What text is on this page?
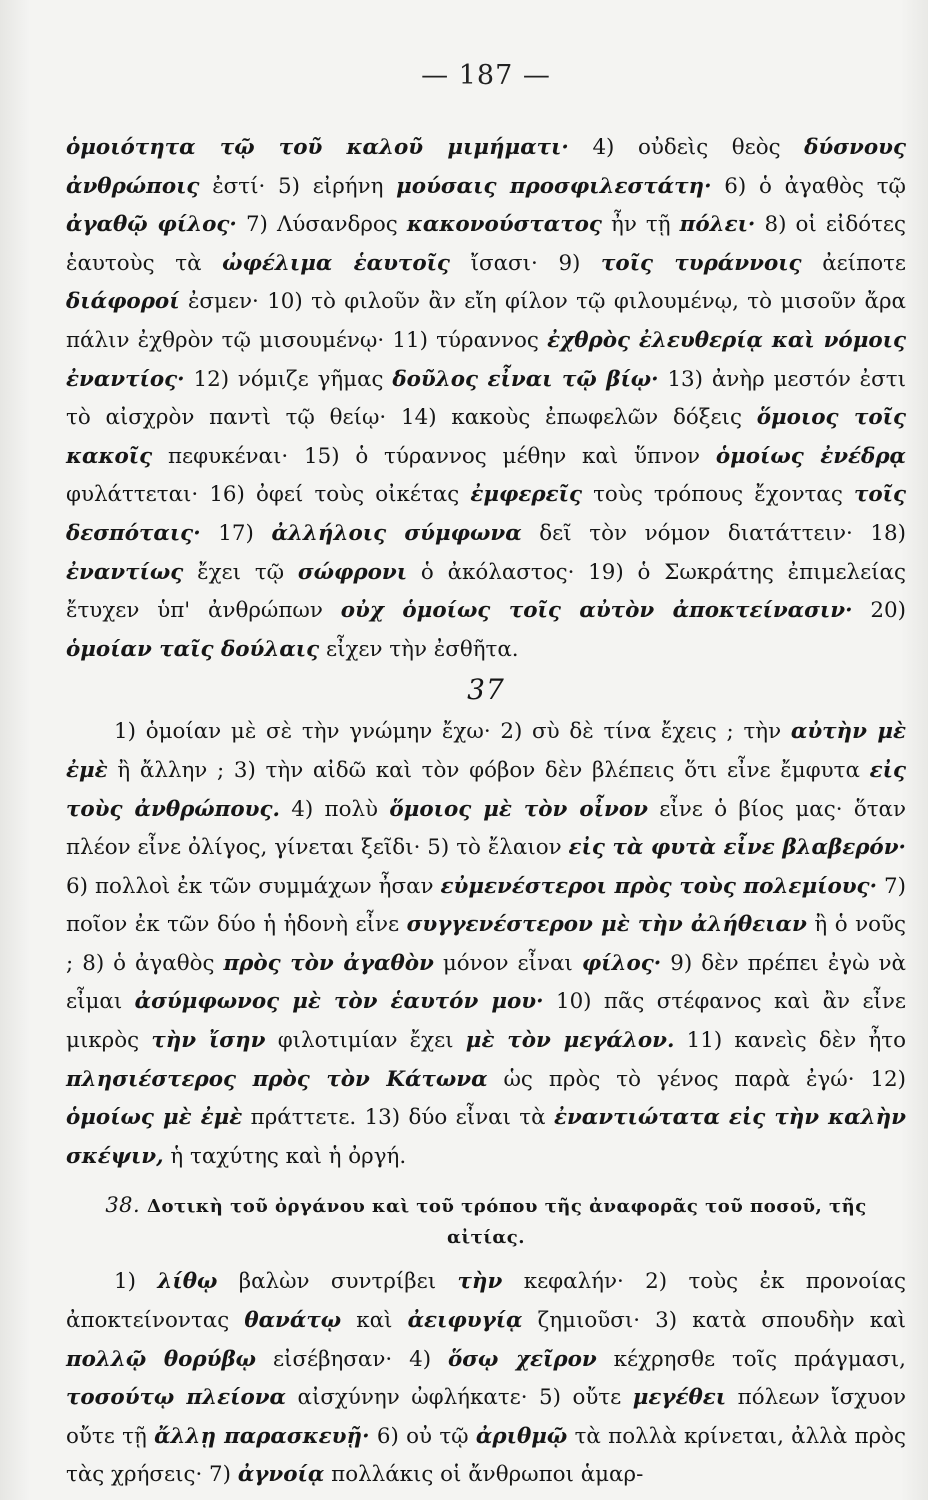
— 187 —

ὁμοιότητα τῷ τοῦ καλοῦ μιμήματι· 4) οὐδεὶς θεὸς δύσνους ἀνθρώποις ἐστί· 5) εἰρήνη μούσαις προσφιλεστάτη· 6) ὁ ἀγαθὸς τῷ ἀγαθῷ φίλος· 7) Λύσανδρος κακονούστατος ἦν τῇ πόλει· 8) οἱ εἰδότες ἑαυτοὺς τὰ ὠφέλιμα ἑαυτοῖς ἴσασι· 9) τοῖς τυράννοις ἀείποτε διάφοροί ἐσμεν· 10) τὸ φιλοῦν ἂν εἴη φίλον τῷ φιλουμένῳ, τὸ μισοῦν ἄρα πάλιν ἐχθρὸν τῷ μισουμένῳ· 11) τύραννος ἐχθρὸς ἐλευθερίᾳ καὶ νόμοις ἐναντίος· 12) νόμιζε γῆμας δοῦλος εἶναι τῷ βίῳ· 13) ἀνὴρ μεστόν ἐστι τὸ αἰσχρὸν παντὶ τῷ θείῳ· 14) κακοὺς ἐπωφελῶν δόξεις ὅμοιος τοῖς κακοῖς πεφυκέναι· 15) ὁ τύραννος μέθην καὶ ὕπνον ὁμοίως ἐνέδρᾳ φυλάττεται· 16) ὀφεί τοὺς οἰκέτας ἐμφερεῖς τοὺς τρόπους ἔχοντας τοῖς δεσπόταις· 17) ἀλλήλοις σύμφωνα δεῖ τὸν νόμον διατάττειν· 18) ἐναντίως ἔχει τῷ σώφρονι ὁ ἀκόλαστος· 19) ὁ Σωκράτης ἐπιμελείας ἔτυχεν ὑπ' ἀνθρώπων οὐχ ὁμοίως τοῖς αὐτὸν ἀποκτείνασιν· 20) ὁμοίαν ταῖς δούλαις εἶχεν τὴν ἐσθῆτα.

37

1) ὁμοίαν μὲ σὲ τὴν γνώμην ἔχω· 2) σὺ δὲ τίνα ἔχεις ; τὴν αὐτὴν μὲ ἐμὲ ἢ ἄλλην ; 3) τὴν αἰδῶ καὶ τὸν φόβον δὲν βλέπεις ὅτι εἶνε ἔμφυτα εἰς τοὺς ἀνθρώπους. 4) πολὺ ὅμοιος μὲ τὸν οἶνον εἶνε ὁ βίος μας· ὅταν πλέον εἶνε ὀλίγος, γίνεται ξεῖδι· 5) τὸ ἔλαιον εἰς τὰ φυτὰ εἶνε βλαβερόν· 6) πολλοὶ ἐκ τῶν συμμάχων ἦσαν εὐμενέστεροι πρὸς τοὺς πολεμίους· 7) ποῖον ἐκ τῶν δύο ἡ ἡδονὴ εἶνε συγγενέστερον μὲ τὴν ἀλήθειαν ἢ ὁ νοῦς ; 8) ὁ ἀγαθὸς πρὸς τὸν ἀγαθὸν μόνον εἶναι φίλος· 9) δὲν πρέπει ἐγὼ νὰ εἶμαι ἀσύμφωνος μὲ τὸν ἑαυτόν μου· 10) πᾶς στέφανος καὶ ἂν εἶνε μικρὸς τὴν ἴσην φιλοτιμίαν ἔχει μὲ τὸν μεγάλον. 11) κανεὶς δὲν ἦτο πλησιέστερος πρὸς τὸν Κάτωνα ὡς πρὸς τὸ γένος παρὰ ἐγώ· 12) ὁμοίως μὲ ἐμὲ πράττετε. 13) δύο εἶναι τὰ ἐναντιώτατα εἰς τὴν καλὴν σκέψιν, ἡ ταχύτης καὶ ἡ ὀργή.

38. Δοτικὴ τοῦ ὀργάνου καὶ τοῦ τρόπου τῆς ἀναφορᾶς τοῦ ποσοῦ, τῆς αἰτίας.

1) λίθῳ βαλὼν συντρίβει τὴν κεφαλήν· 2) τοὺς ἐκ προνοίας ἀποκτείνοντας θανάτῳ καὶ ἀειφυγίᾳ ζημιοῦσι· 3) κατὰ σπουδὴν καὶ πολλῷ θορύβῳ εἰσέβησαν· 4) ὅσῳ χεῖρον κέχρησθε τοῖς πράγμασι, τοσούτῳ πλείονα αἰσχύνην ὠφλήκατε· 5) οὔτε μεγέθει πόλεων ἴσχυον οὔτε τῇ ἄλλῃ παρασκευῇ· 6) οὐ τῷ ἀριθμῷ τὰ πολλὰ κρίνεται, ἀλλὰ πρὸς τὰς χρήσεις· 7) ἀγνοίᾳ πολλάκις οἱ ἄνθρωποι ἁμαρ-
